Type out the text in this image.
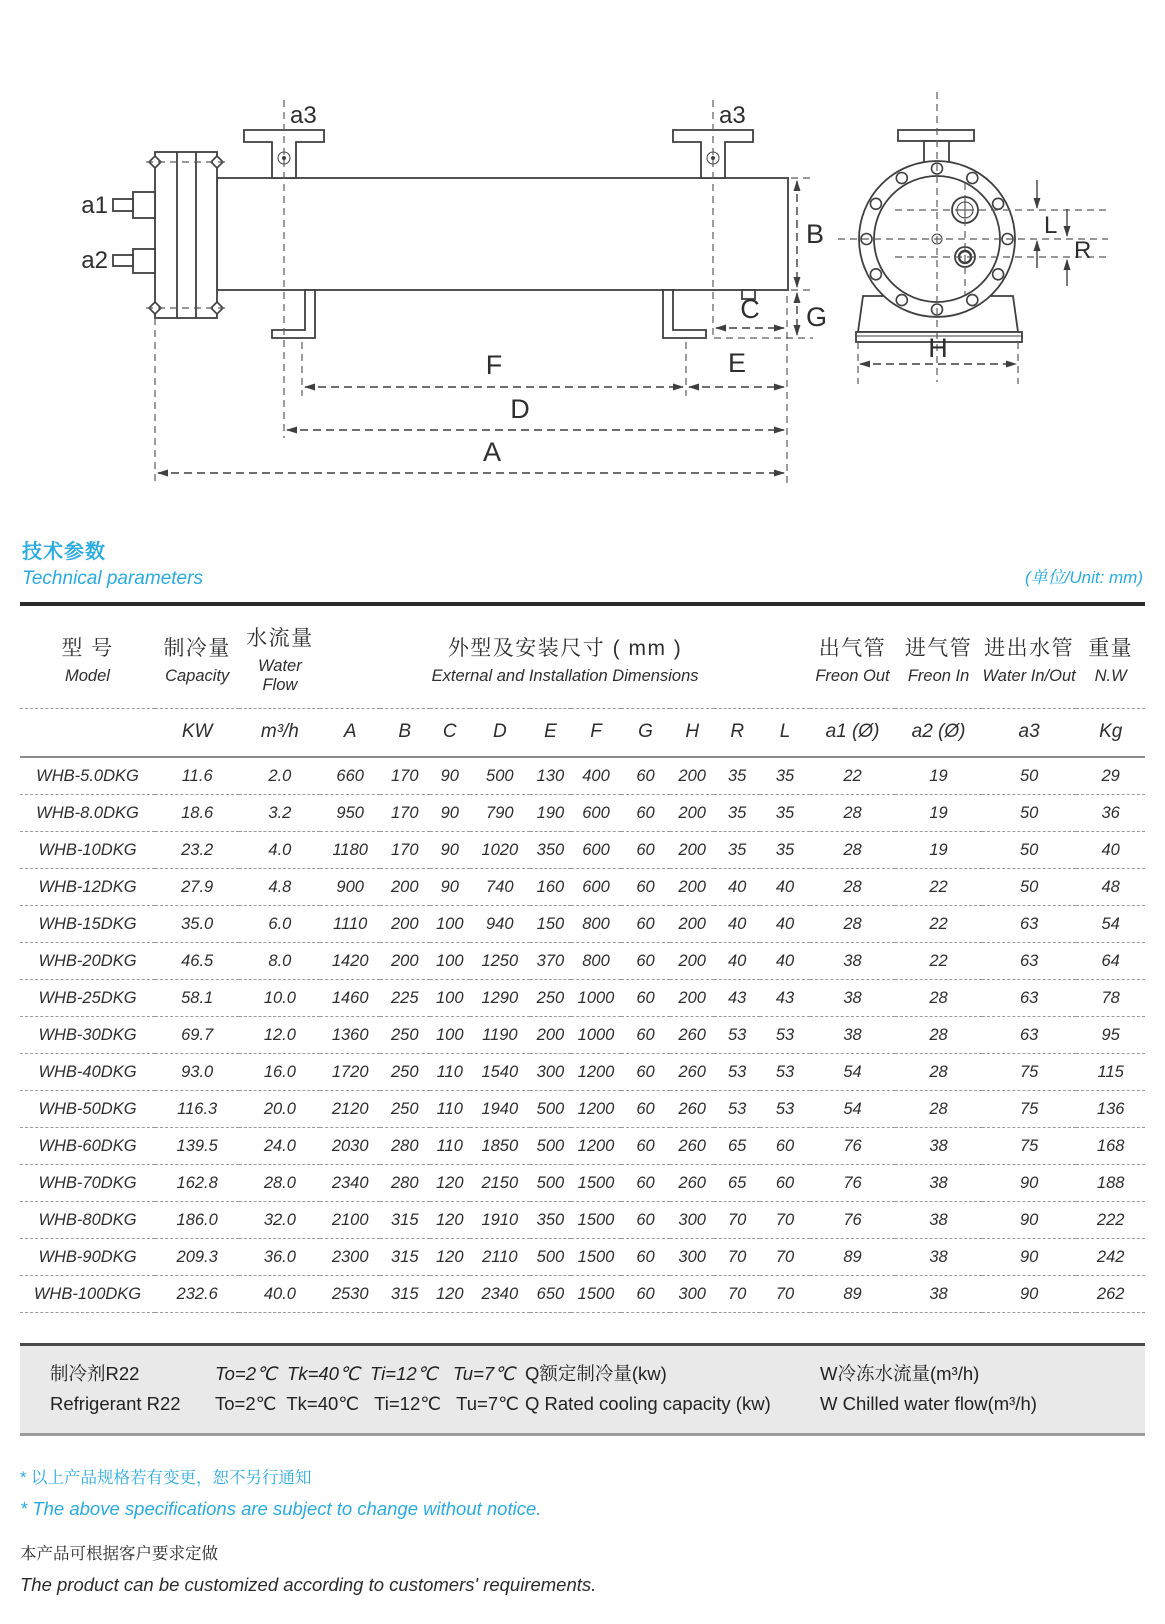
a1
a2
a3	a3
B
G
C
F	E
D
A
H
L
R
技术参数
Technical parameters	(单位/Unit: mm)
型 号
Model

制冷量
Capacity

水流量
Water Flow

外型及安装尺寸 ( mm )
External and Installation Dimensions

出气管
Freon Out

进气管
Freon In

进出水管
Water In/Out

重量
N.W

	KW	m³/h	A	B	C	D	E	F	G	H	R	L	a1 (Ø)	a2 (Ø)	a3	Kg
WHB-5.0DKG	11.6	2.0	660	170	90	500	130	400	60	200	35	35	22	19	50	29
WHB-8.0DKG	18.6	3.2	950	170	90	790	190	600	60	200	35	35	28	19	50	36
WHB-10DKG	23.2	4.0	1180	170	90	1020	350	600	60	200	35	35	28	19	50	40
WHB-12DKG	27.9	4.8	900	200	90	740	160	600	60	200	40	40	28	22	50	48
WHB-15DKG	35.0	6.0	1110	200	100	940	150	800	60	200	40	40	28	22	63	54
WHB-20DKG	46.5	8.0	1420	200	100	1250	370	800	60	200	40	40	38	22	63	64
WHB-25DKG	58.1	10.0	1460	225	100	1290	250	1000	60	200	43	43	38	28	63	78
WHB-30DKG	69.7	12.0	1360	250	100	1190	200	1000	60	260	53	53	38	28	63	95
WHB-40DKG	93.0	16.0	1720	250	110	1540	300	1200	60	260	53	53	54	28	75	115
WHB-50DKG	116.3	20.0	2120	250	110	1940	500	1200	60	260	53	53	54	28	75	136
WHB-60DKG	139.5	24.0	2030	280	110	1850	500	1200	60	260	65	60	76	38	75	168
WHB-70DKG	162.8	28.0	2340	280	120	2150	500	1500	60	260	65	60	76	38	90	188
WHB-80DKG	186.0	32.0	2100	315	120	1910	350	1500	60	300	70	70	76	38	90	222
WHB-90DKG	209.3	36.0	2300	315	120	2110	500	1500	60	300	70	70	89	38	90	242
WHB-100DKG	232.6	40.0	2530	315	120	2340	650	1500	60	300	70	70	89	38	90	262
制冷剂R22	To=2℃  Tk=40℃  Ti=12℃   Tu=7℃ Q额定制冷量(kw)	W冷冻水流量(m³/h)
Refrigerant R22	To=2℃  Tk=40℃   Ti=12℃   Tu=7℃ Q Rated cooling capacity (kw)	W Chilled water flow(m³/h)
* 以上产品规格若有变更，恕不另行通知
* The above specifications are subject to change without notice.
本产品可根据客户要求定做
The product can be customized according to customers' requirements.
